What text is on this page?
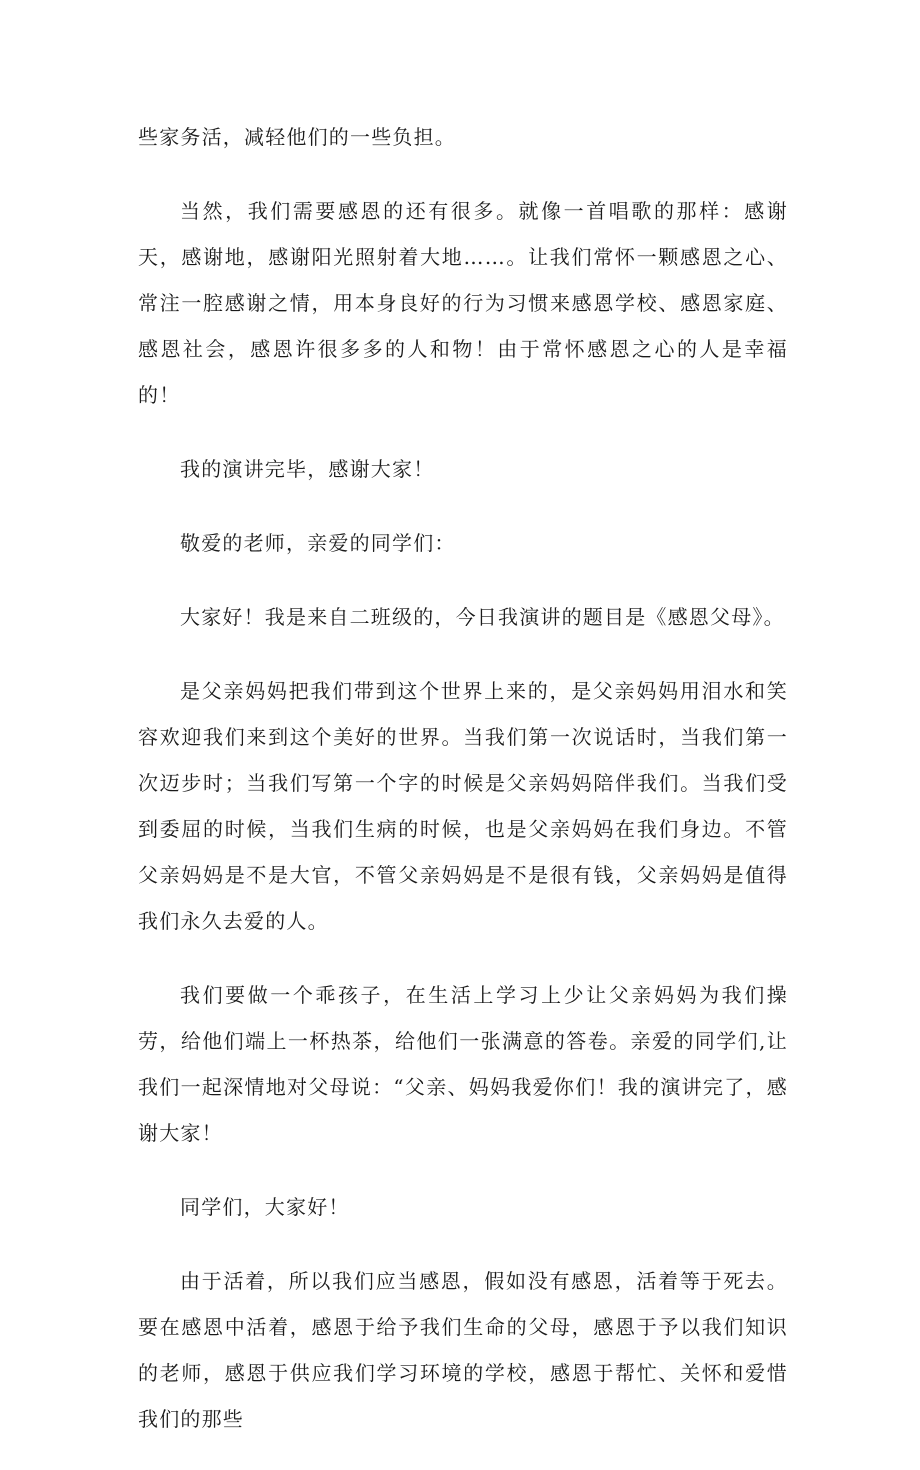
些家务活，减轻他们的一些负担。

当然，我们需要感恩的还有很多。就像一首唱歌的那样：感谢天，感谢地，感谢阳光照射着大地……。让我们常怀一颗感恩之心、常注一腔感谢之情，用本身良好的行为习惯来感恩学校、感恩家庭、感恩社会，感恩许很多多的人和物！由于常怀感恩之心的人是幸福的！

我的演讲完毕，感谢大家！

敬爱的老师，亲爱的同学们：

大家好！我是来自二班级的，今日我演讲的题目是《感恩父母》。

是父亲妈妈把我们带到这个世界上来的，是父亲妈妈用泪水和笑容欢迎我们来到这个美好的世界。当我们第一次说话时，当我们第一次迈步时；当我们写第一个字的时候是父亲妈妈陪伴我们。当我们受到委屈的时候，当我们生病的时候，也是父亲妈妈在我们身边。不管父亲妈妈是不是大官，不管父亲妈妈是不是很有钱，父亲妈妈是值得我们永久去爱的人。

我们要做一个乖孩子，在生活上学习上少让父亲妈妈为我们操劳，给他们端上一杯热茶，给他们一张满意的答卷。亲爱的同学们,让我们一起深情地对父母说：“父亲、妈妈我爱你们！我的演讲完了，感谢大家！

同学们，大家好！

由于活着，所以我们应当感恩，假如没有感恩，活着等于死去。要在感恩中活着，感恩于给予我们生命的父母，感恩于予以我们知识的老师，感恩于供应我们学习环境的学校，感恩于帮忙、关怀和爱惜我们的那些
